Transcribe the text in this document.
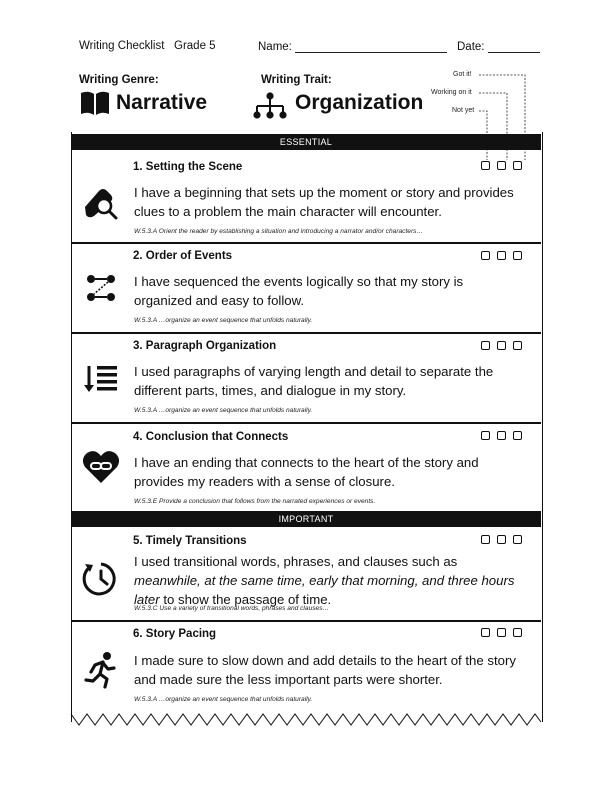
Writing Checklist Grade 5	Name:	Date:
Writing Genre:
Narrative
Writing Trait:
Organization
Got it!
Working on it
Not yet
ESSENTIAL
IMPORTANT
1. Setting the Scene
I have a beginning that sets up the moment or story and provides clues to a problem the main character will encounter.
W.5.3.A Orient the reader by establishing a situation and introducing a narrator and/or characters…
2. Order of Events
I have sequenced the events logically so that my story is organized and easy to follow.
W.5.3.A …organize an event sequence that unfolds naturally.
3. Paragraph Organization
I used paragraphs of varying length and detail to separate the different parts, times, and dialogue in my story.
W.5.3.A …organize an event sequence that unfolds naturally.
4. Conclusion that Connects
I have an ending that connects to the heart of the story and provides my readers with a sense of closure.
W.5.3.E Provide a conclusion that follows from the narrated experiences or events.
5. Timely Transitions
I used transitional words, phrases, and clauses such as meanwhile, at the same time, early that morning, and three hours later to show the passage of time.
W.5.3.C Use a variety of transitional words, phrases and clauses…
6. Story Pacing
I made sure to slow down and add details to the heart of the story and made sure the less important parts were shorter.
W.5.3.A …organize an event sequence that unfolds naturally.
